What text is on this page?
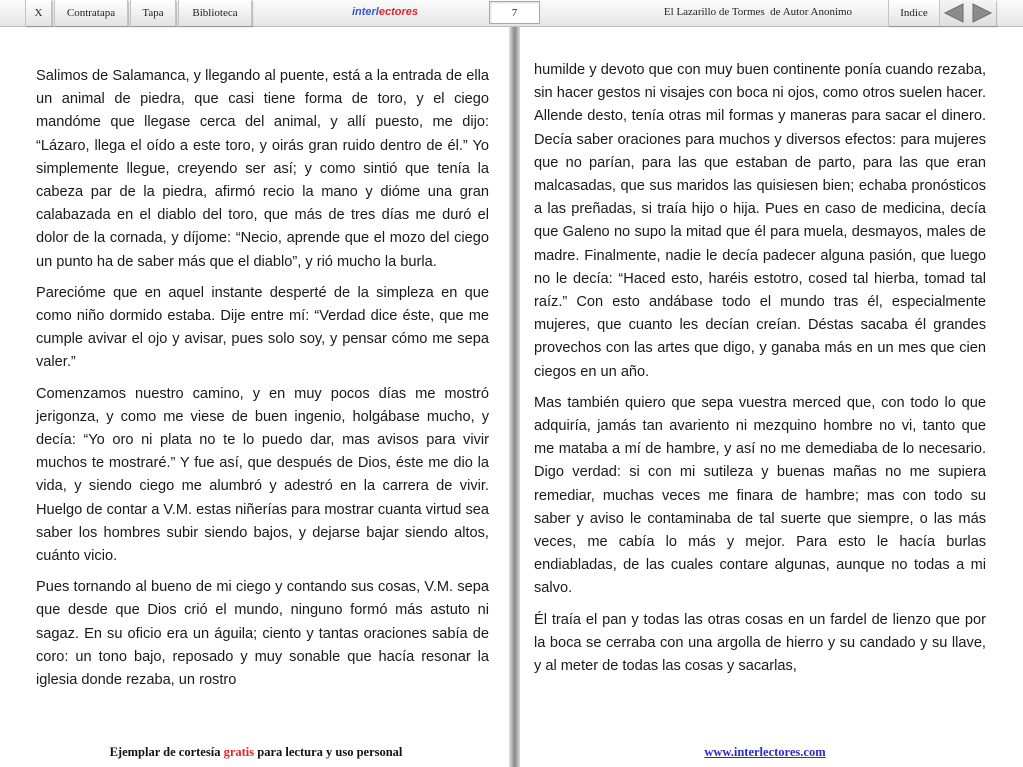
X	Contratapa	Tapa	Biblioteca	interlectores	7	El Lazarillo de Tormes  de Autor Anonimo	Indice

Salimos de Salamanca, y llegando al puente, está a la entrada de ella un animal de piedra, que casi tiene forma de toro, y el ciego mandóme que llegase cerca del animal, y allí puesto, me dijo: “Lázaro, llega el oído a este toro, y oirás gran ruido dentro de él.” Yo simplemente llegue, creyendo ser así; y como sintió que tenía la cabeza par de la piedra, afirmó recio la mano y dióme una gran calabazada en el diablo del toro, que más de tres días me duró el dolor de la cornada, y díjome: “Necio, aprende que el mozo del ciego un punto ha de saber más que el diablo”, y rió mucho la burla.

Parecióme que en aquel instante desperté de la simpleza en que como niño dormido estaba. Dije entre mí: “Verdad dice éste, que me cumple avivar el ojo y avisar, pues solo soy, y pensar cómo me sepa valer.”

Comenzamos nuestro camino, y en muy pocos días me mostró jerigonza, y como me viese de buen ingenio, holgábase mucho, y decía: “Yo oro ni plata no te lo puedo dar, mas avisos para vivir muchos te mostraré.” Y fue así, que después de Dios, éste me dio la vida, y siendo ciego me alumbró y adestró en la carrera de vivir. Huelgo de contar a V.M. estas niñerías para mostrar cuanta virtud sea saber los hombres subir siendo bajos, y dejarse bajar siendo altos, cuánto vicio.

Pues tornando al bueno de mi ciego y contando sus cosas, V.M. sepa que desde que Dios crió el mundo, ninguno formó más astuto ni sagaz. En su oficio era un águila; ciento y tantas oraciones sabía de coro: un tono bajo, reposado y muy sonable que hacía resonar la iglesia donde rezaba, un rostro

humilde y devoto que con muy buen continente ponía cuando rezaba, sin hacer gestos ni visajes con boca ni ojos, como otros suelen hacer. Allende desto, tenía otras mil formas y maneras para sacar el dinero. Decía saber oraciones para muchos y diversos efectos: para mujeres que no parían, para las que estaban de parto, para las que eran malcasadas, que sus maridos las quisiesen bien; echaba pronósticos a las preñadas, si traía hijo o hija. Pues en caso de medicina, decía que Galeno no supo la mitad que él para muela, desmayos, males de madre. Finalmente, nadie le decía padecer alguna pasión, que luego no le decía: “Haced esto, haréis estotro, cosed tal hierba, tomad tal raíz.” Con esto andábase todo el mundo tras él, especialmente mujeres, que cuanto les decían creían. Déstas sacaba él grandes provechos con las artes que digo, y ganaba más en un mes que cien ciegos en un año.

Mas también quiero que sepa vuestra merced que, con todo lo que adquiría, jamás tan avariento ni mezquino hombre no vi, tanto que me mataba a mí de hambre, y así no me demediaba de lo necesario. Digo verdad: si con mi sutileza y buenas mañas no me supiera remediar, muchas veces me finara de hambre; mas con todo su saber y aviso le contaminaba de tal suerte que siempre, o las más veces, me cabía lo más y mejor. Para esto le hacía burlas endiabladas, de las cuales contare algunas, aunque no todas a mi salvo.

Él traía el pan y todas las otras cosas en un fardel de lienzo que por la boca se cerraba con una argolla de hierro y su candado y su llave, y al meter de todas las cosas y sacarlas,

Ejemplar de cortesía gratis para lectura y uso personal	www.interlectores.com
